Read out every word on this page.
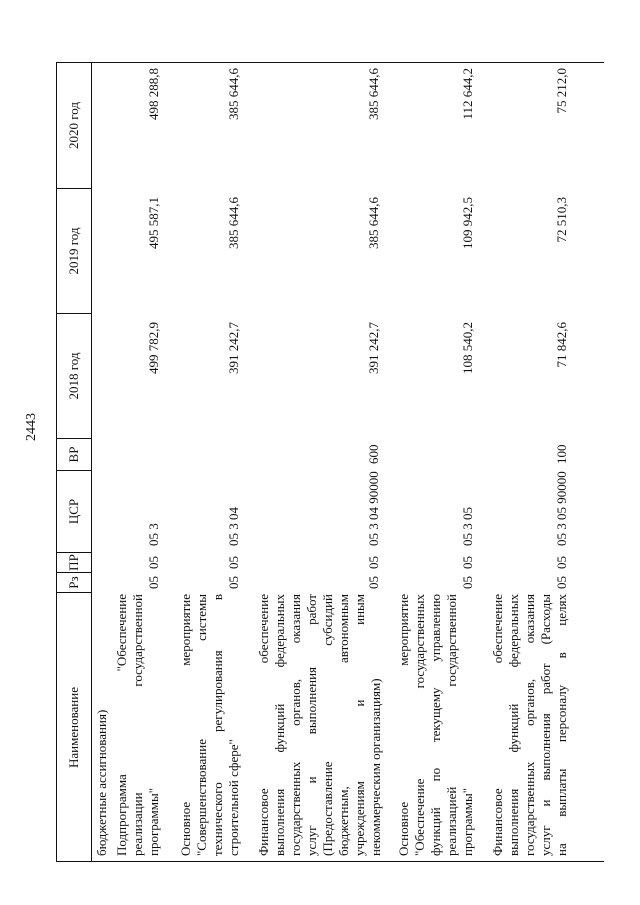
2443
Наименование
Рз
ПР
ЦСР
ВР
2018 год
2019 год
2020 год
бюджетные ассигнования) Подпрограмма "Обеспечение реализации государственной программы"
05
05
05 3
499 782,9
495 587,1
498 288,8
Основное мероприятие "Совершенствование системы технического регулирования в строительной сфере"
05
05
05 3 04
391 242,7
385 644,6
385 644,6
Финансовое обеспечение выполнения функций федеральных государственных органов, оказания услуг и выполнения работ (Предоставление субсидий бюджетным, автономным учреждениям и иным некоммерческим организациям)
05
05
05 3 04 90000
600
391 242,7
385 644,6
385 644,6
Основное мероприятие "Обеспечение государственных функций по текущему управлению реализацией государственной программы"
05
05
05 3 05
108 540,2
109 942,5
112 644,2
Финансовое обеспечение выполнения функций федеральных государственных органов, оказания услуг и выполнения работ (Расходы на выплаты персоналу в целях
05
05
05 3 05 90000
100
71 842,6
72 510,3
75 212,0
